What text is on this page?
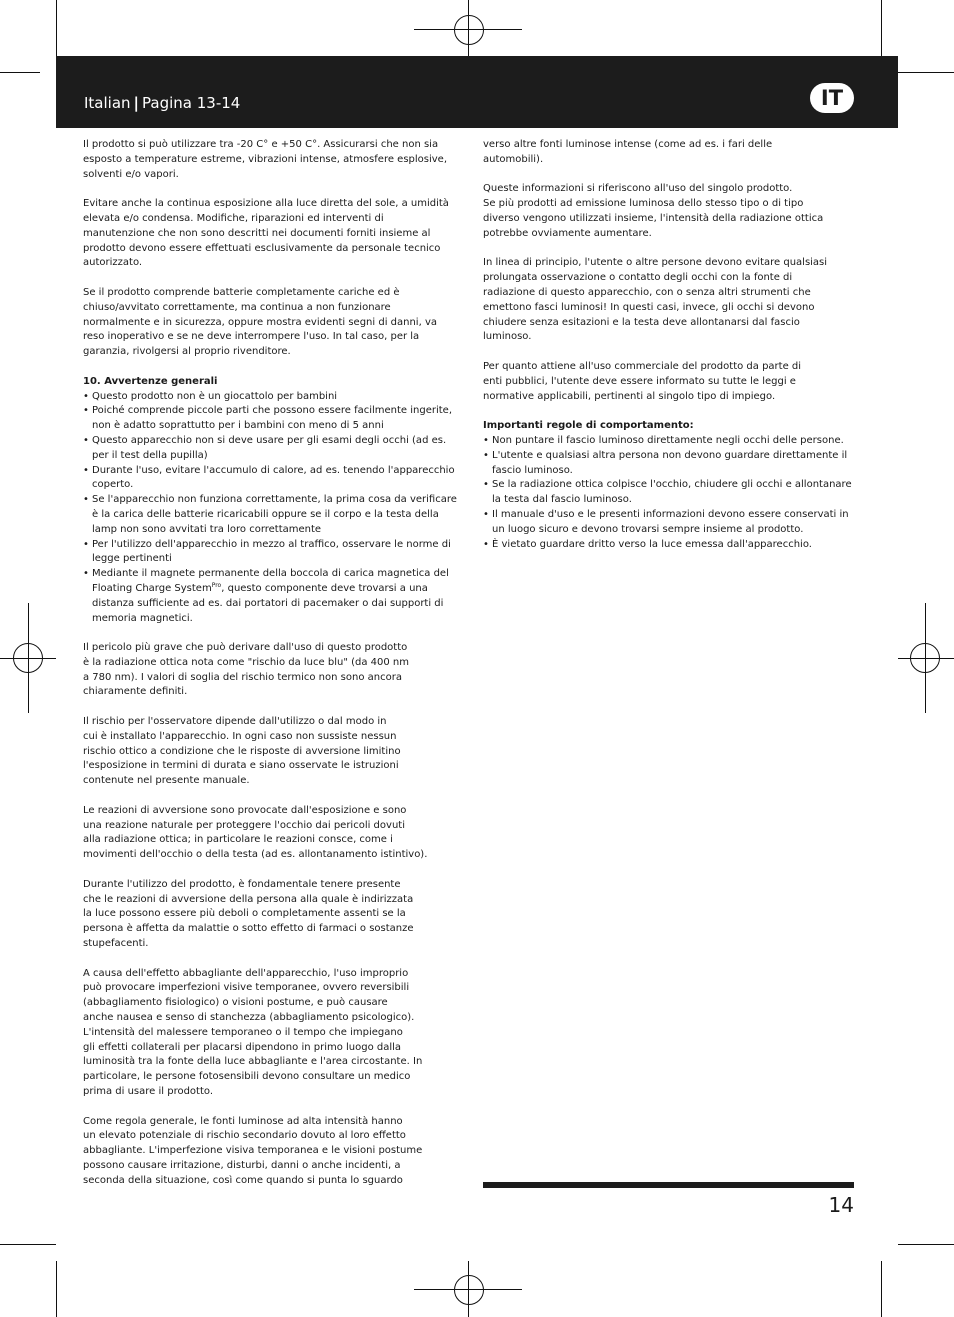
Italian | Pagina 13-14	IT

Il prodotto si può utilizzare tra -20 C° e +50 C°. Assicurarsi che non sia esposto a temperature estreme, vibrazioni intense, atmosfere esplosive, solventi e/o vapori.

Evitare anche la continua esposizione alla luce diretta del sole, a umidità elevata e/o condensa. Modifiche, riparazioni ed interventi di manutenzione che non sono descritti nei documenti forniti insieme al prodotto devono essere effettuati esclusivamente da personale tecnico autorizzato.

Se il prodotto comprende batterie completamente cariche ed è chiuso/avvitato correttamente, ma continua a non funzionare normalmente e in sicurezza, oppure mostra evidenti segni di danni, va reso inoperativo e se ne deve interrompere l'uso. In tal caso, per la garanzia, rivolgersi al proprio rivenditore.

10. Avvertenze generali
• Questo prodotto non è un giocattolo per bambini
• Poiché comprende piccole parti che possono essere facilmente ingerite, non è adatto soprattutto per i bambini con meno di 5 anni
• Questo apparecchio non si deve usare per gli esami degli occhi (ad es. per il test della pupilla)
• Durante l'uso, evitare l'accumulo di calore, ad es. tenendo l'apparecchio coperto.
• Se l'apparecchio non funziona correttamente, la prima cosa da verificare è la carica delle batterie ricaricabili oppure se il corpo e la testa della lamp non sono avvitati tra loro correttamente
• Per l'utilizzo dell'apparecchio in mezzo al traffico, osservare le norme di legge pertinenti
• Mediante il magnete permanente della boccola di carica magnetica del Floating Charge System$^{Pro}$, questo componente deve trovarsi a una distanza sufficiente ad es. dai portatori di pacemaker o dai supporti di memoria magnetici.

Il pericolo più grave che può derivare dall'uso di questo prodotto
è la radiazione ottica nota come "rischio da luce blu" (da 400 nm
a 780 nm). I valori di soglia del rischio termico non sono ancora
chiaramente definiti.

Il rischio per l'osservatore dipende dall'utilizzo o dal modo in
cui è installato l'apparecchio. In ogni caso non sussiste nessun
rischio ottico a condizione che le risposte di avversione limitino
l'esposizione in termini di durata e siano osservate le istruzioni
contenute nel presente manuale.

Le reazioni di avversione sono provocate dall'esposizione e sono
una reazione naturale per proteggere l'occhio dai pericoli dovuti
alla radiazione ottica; in particolare le reazioni consce, come i
movimenti dell'occhio o della testa (ad es. allontanamento istintivo).

Durante l'utilizzo del prodotto, è fondamentale tenere presente
che le reazioni di avversione della persona alla quale è indirizzata
la luce possono essere più deboli o completamente assenti se la
persona è affetta da malattie o sotto effetto di farmaci o sostanze
stupefacenti.

A causa dell'effetto abbagliante dell'apparecchio, l'uso improprio
può provocare imperfezioni visive temporanee, ovvero reversibili
(abbagliamento fisiologico) o visioni postume, e può causare
anche nausea e senso di stanchezza (abbagliamento psicologico).
L'intensità del malessere temporaneo o il tempo che impiegano
gli effetti collaterali per placarsi dipendono in primo luogo dalla
luminosità tra la fonte della luce abbagliante e l'area circostante. In
particolare, le persone fotosensibili devono consultare un medico
prima di usare il prodotto.

Come regola generale, le fonti luminose ad alta intensità hanno
un elevato potenziale di rischio secondario dovuto al loro effetto
abbagliante. L'imperfezione visiva temporanea e le visioni postume
possono causare irritazione, disturbi, danni o anche incidenti, a
seconda della situazione, così come quando si punta lo sguardo

verso altre fonti luminose intense (come ad es. i fari delle
automobili).

Queste informazioni si riferiscono all'uso del singolo prodotto.
Se più prodotti ad emissione luminosa dello stesso tipo o di tipo
diverso vengono utilizzati insieme, l'intensità della radiazione ottica
potrebbe ovviamente aumentare.

In linea di principio, l'utente o altre persone devono evitare qualsiasi
prolungata osservazione o contatto degli occhi con la fonte di
radiazione di questo apparecchio, con o senza altri strumenti che
emettono fasci luminosi! In questi casi, invece, gli occhi si devono
chiudere senza esitazioni e la testa deve allontanarsi dal fascio
luminoso.

Per quanto attiene all'uso commerciale del prodotto da parte di
enti pubblici, l'utente deve essere informato su tutte le leggi e
normative applicabili, pertinenti al singolo tipo di impiego.

Importanti regole di comportamento:
• Non puntare il fascio luminoso direttamente negli occhi delle persone.
• L'utente e qualsiasi altra persona non devono guardare direttamente il fascio luminoso.
• Se la radiazione ottica colpisce l'occhio, chiudere gli occhi e allontanare la testa dal fascio luminoso.
• Il manuale d'uso e le presenti informazioni devono essere conservati in un luogo sicuro e devono trovarsi sempre insieme al prodotto.
• È vietato guardare dritto verso la luce emessa dall'apparecchio.
14
